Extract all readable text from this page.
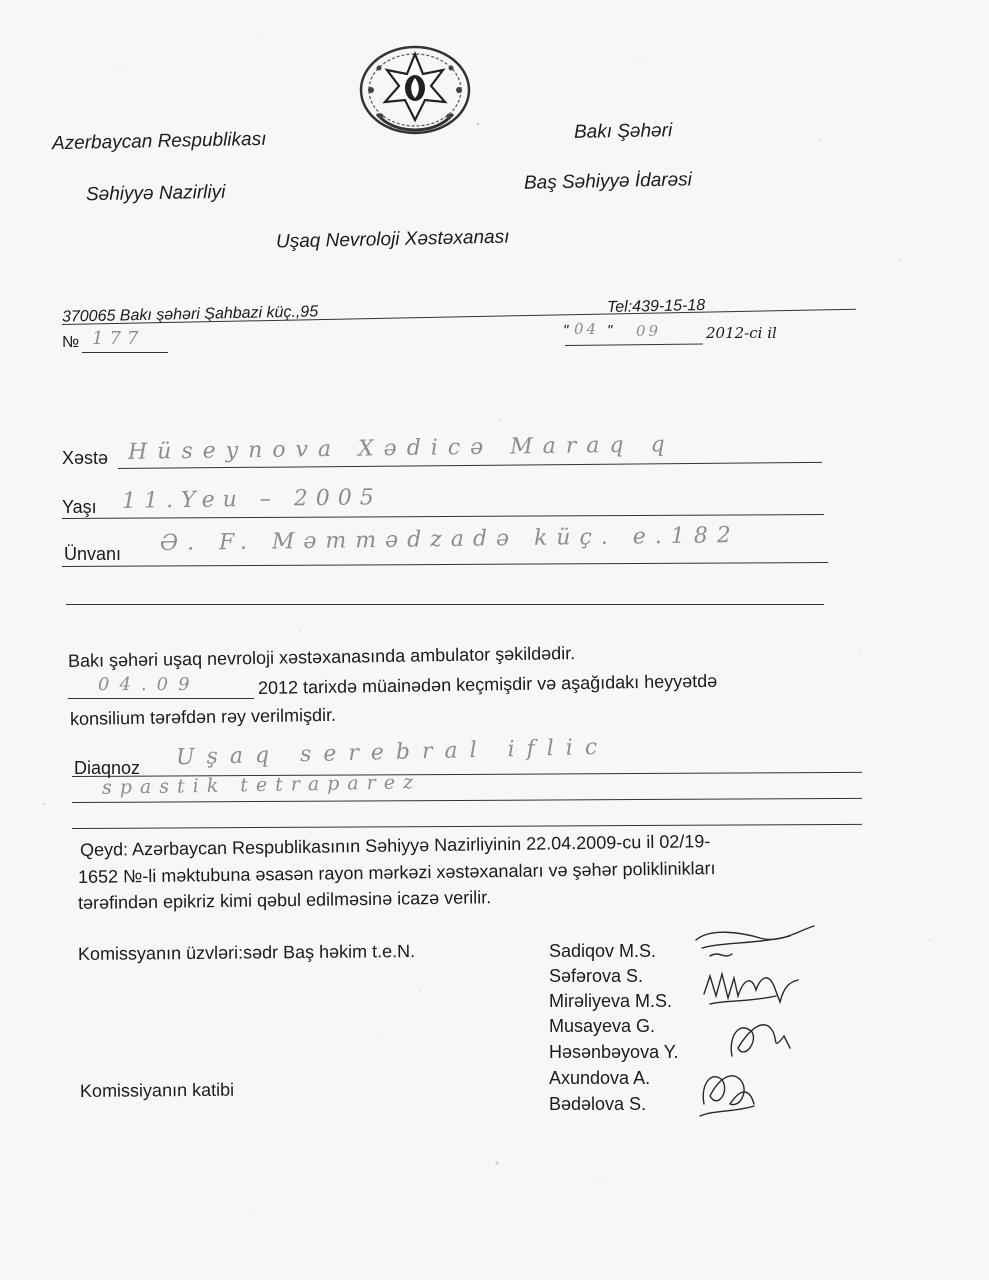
Azerbaycan Respublikası
Səhiyyə Nazirliyi
Bakı Şəhəri
Baş Səhiyyə İdarəsi
Uşaq Nevroloji Xəstəxanası
370065 Bakı şəhəri Şahbazi küç.,95	Tel:439-15-18
№ 177	" 04 " 09	2012-ci il
Xəstə Hüseynova Xədicə Maraq q
Yaşı 11.Yeu – 2005
Ünvanı Ə. F. Məmmədzadə küç. e.182
Bakı şəhəri uşaq nevroloji xəstəxanasında ambulator şəkildədir.
04.09	2012 tarixdə müainədən keçmişdir və aşağıdakı heyyətdə
konsilium tərəfdən rəy verilmişdir.
Diaqnoz Uşaq serebral iflic
spastik tetraparez
Qeyd: Azərbaycan Respublikasının Səhiyyə Nazirliyinin 22.04.2009-cu il 02/19-
1652 №-li məktubuna əsasən rayon mərkəzi xəstəxanaları və şəhər poliklinikları
tərəfindən epikriz kimi qəbul edilməsinə icazə verilir.
Komissyanın üzvləri:sədr Baş həkim t.e.N.
Komissiyanın katibi
Sadiqov M.S.
Səfərova S.
Mirəliyeva M.S.
Musayeva G.
Həsənbəyova Y.
Axundova A.
Bədəlova S.
